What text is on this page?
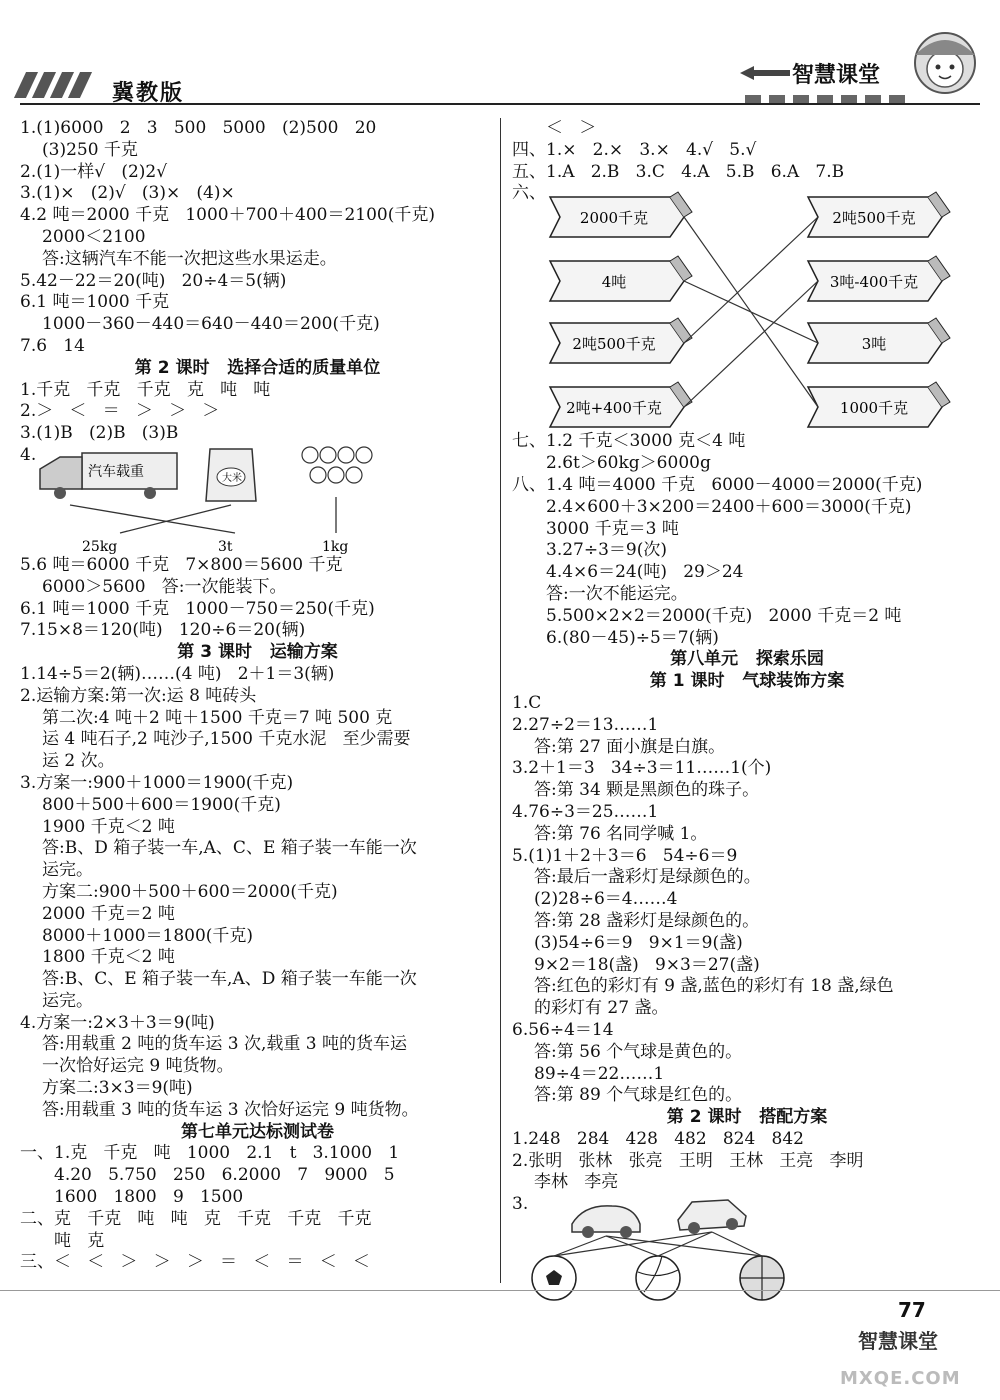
冀教版
智慧课堂
1.(1)6000   2   3   500   5000   (2)500   20
(3)250 千克
2.(1)一样√   (2)2√
3.(1)×   (2)√   (3)×   (4)×
4.2 吨＝2000 千克   1000＋700＋400＝2100(千克)
2000＜2100
答:这辆汽车不能一次把这些水果运走。
5.42－22＝20(吨)   20÷4＝5(辆)
6.1 吨＝1000 千克
1000－360－440＝640－440＝200(千克)
7.6   14
第 2 课时   选择合适的质量单位
1.千克   千克   千克   克   吨   吨
2.＞   ＜   ＝   ＞   ＞   ＞
3.(1)B   (2)B   (3)B
4.
汽车载重	大米
25kg	3t	1kg
5.6 吨＝6000 千克   7×800＝5600 千克
6000＞5600   答:一次能装下。
6.1 吨＝1000 千克   1000－750＝250(千克)
7.15×8＝120(吨)   120÷6＝20(辆)
第 3 课时   运输方案
1.14÷5＝2(辆)……(4 吨)   2＋1＝3(辆)
2.运输方案:第一次:运 8 吨砖头
第二次:4 吨＋2 吨＋1500 千克＝7 吨 500 克
运 4 吨石子,2 吨沙子,1500 千克水泥   至少需要
运 2 次。
3.方案一:900＋1000＝1900(千克)
800＋500＋600＝1900(千克)
1900 千克＜2 吨
答:B、D 箱子装一车,A、C、E 箱子装一车能一次
运完。
方案二:900＋500＋600＝2000(千克)
2000 千克＝2 吨
8000＋1000＝1800(千克)
1800 千克＜2 吨
答:B、C、E 箱子装一车,A、D 箱子装一车能一次
运完。
4.方案一:2×3＋3＝9(吨)
答:用载重 2 吨的货车运 3 次,载重 3 吨的货车运
一次恰好运完 9 吨货物。
方案二:3×3＝9(吨)
答:用载重 3 吨的货车运 3 次恰好运完 9 吨货物。
第七单元达标测试卷
一、1.克   千克   吨   1000   2.1   t   3.1000   1
4.20   5.750   250   6.2000   7   9000   5
1600   1800   9   1500
二、克   千克   吨   吨   克   千克   千克   千克
吨   克
三、＜   ＜   ＞   ＞   ＞   ＝   ＜   ＝   ＜   ＜
＜   ＞
四、1.×   2.×   3.×   4.√   5.√
五、1.A   2.B   3.C   4.A   5.B   6.A   7.B
六、
2000千克
4吨
2吨500千克
2吨+400千克
2吨500千克
3吨-400千克
3吨
1000千克
七、1.2 千克＜3000 克＜4 吨
2.6t＞60kg＞6000g
八、1.4 吨＝4000 千克   6000－4000＝2000(千克)
2.4×600＋3×200＝2400＋600＝3000(千克)
3000 千克＝3 吨
3.27÷3＝9(次)
4.4×6＝24(吨)   29＞24
答:一次不能运完。
5.500×2×2＝2000(千克)   2000 千克＝2 吨
6.(80－45)÷5＝7(辆)
第八单元   探索乐园
第 1 课时   气球装饰方案
1.C
2.27÷2＝13……1
答:第 27 面小旗是白旗。
3.2＋1＝3   34÷3＝11……1(个)
答:第 34 颗是黑颜色的珠子。
4.76÷3＝25……1
答:第 76 名同学喊 1。
5.(1)1＋2＋3＝6   54÷6＝9
答:最后一盏彩灯是绿颜色的。
(2)28÷6＝4……4
答:第 28 盏彩灯是绿颜色的。
(3)54÷6＝9   9×1＝9(盏)
9×2＝18(盏)   9×3＝27(盏)
答:红色的彩灯有 9 盏,蓝色的彩灯有 18 盏,绿色
的彩灯有 27 盏。
6.56÷4＝14
答:第 56 个气球是黄色的。
89÷4＝22……1
答:第 89 个气球是红色的。
第 2 课时   搭配方案
1.248   284   428   482   824   842
2.张明   张林   张亮   王明   王林   王亮   李明
李林   李亮
3.
77
智慧课堂
MXQE.COM
